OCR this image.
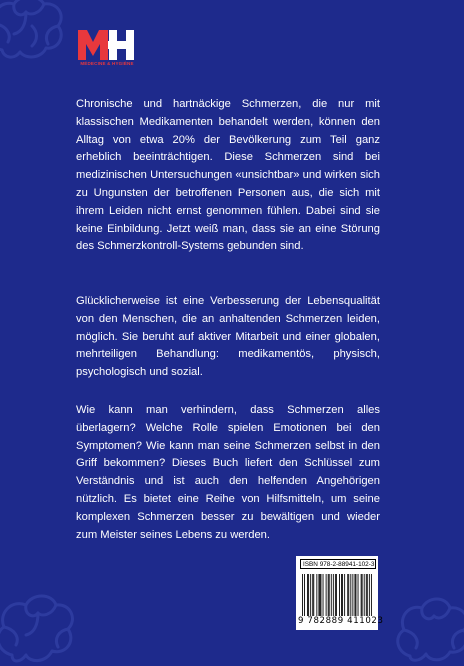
MÉDECINE & HYGIÈNE

Chronische und hartnäckige Schmerzen, die nur mit klassischen Medikamenten behandelt werden, können den Alltag von etwa 20% der Bevölkerung zum Teil ganz erheblich beeinträchtigen. Diese Schmerzen sind bei medizinischen Untersuchungen «unsichtbar» und wirken sich zu Ungunsten der betroffenen Personen aus, die sich mit ihrem Leiden nicht ernst genommen fühlen. Dabei sind sie keine Einbildung. Jetzt weiß man, dass sie an eine Störung des Schmerzkontroll-Systems gebunden sind.

Glücklicherweise ist eine Verbesserung der Lebensqualität von den Menschen, die an anhaltenden Schmerzen leiden, möglich. Sie beruht auf aktiver Mitarbeit und einer globalen, mehrteiligen Behandlung: medikamentös, physisch, psychologisch und sozial.

Wie kann man verhindern, dass Schmerzen alles überlagern? Welche Rolle spielen Emotionen bei den Symptomen? Wie kann man seine Schmerzen selbst in den Griff bekommen? Dieses Buch liefert den Schlüssel zum Verständnis und ist auch den helfenden Angehörigen nützlich. Es bietet eine Reihe von Hilfsmitteln, um seine komplexen Schmerzen besser zu bewältigen und wieder zum Meister seines Lebens zu werden.

ISBN 978-2-88941-102-3
9 782889 411023
